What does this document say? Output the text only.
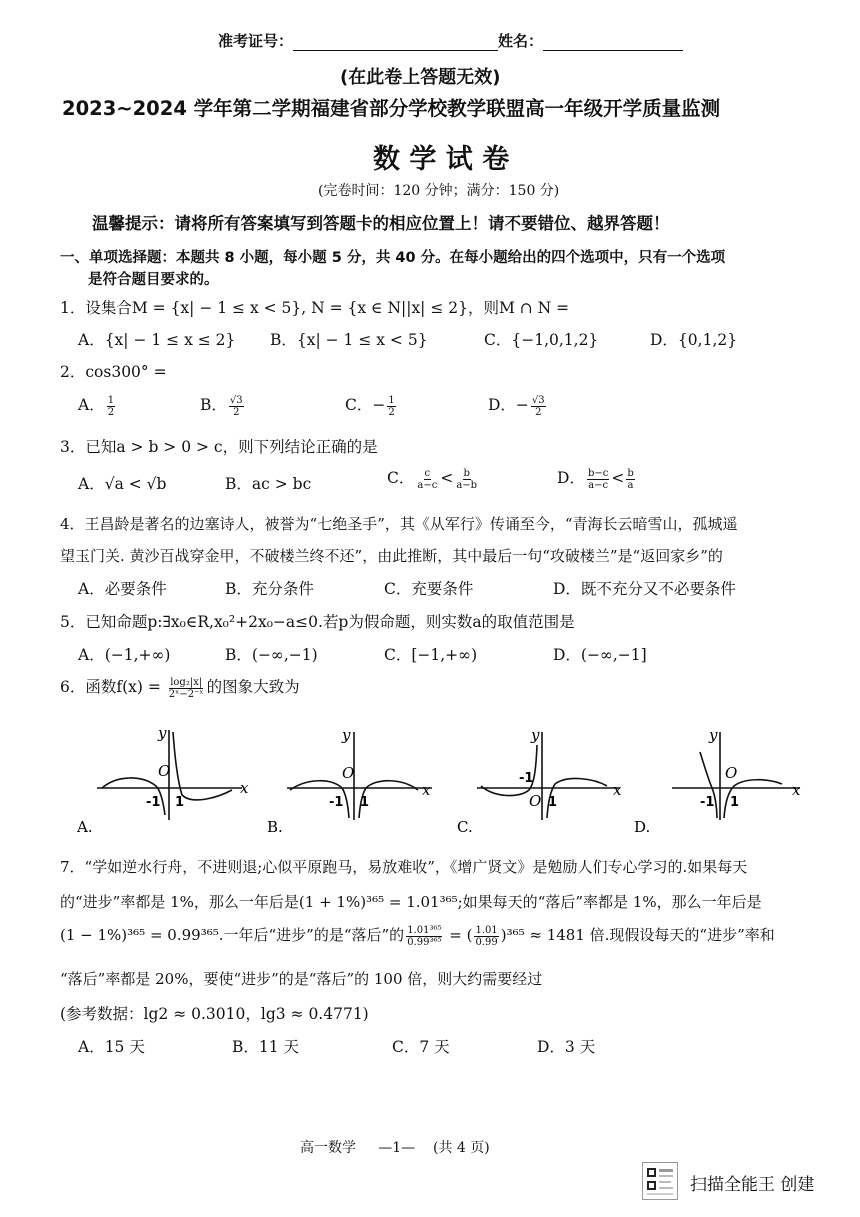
准考证号：	姓名：
(在此卷上答题无效)
2023~2024 学年第二学期福建省部分学校教学联盟高一年级开学质量监测
数 学 试 卷
(完卷时间：120 分钟；满分：150 分)
温馨提示：请将所有答案填写到答题卡的相应位置上！请不要错位、越界答题！
一、单项选择题：本题共 8 小题，每小题 5 分，共 40 分。在每小题给出的四个选项中，只有一个选项
是符合题目要求的。
1．设集合M = {x| − 1 ≤ x < 5}, N = {x ∈ N||x| ≤ 2}，则M ∩ N =
A．{x| − 1 ≤ x ≤ 2} B．{x| − 1 ≤ x < 5}	C．{−1,0,1,2}	D．{0,1,2}
2．cos300° =
A． $\frac{1}{2}$	B． $\frac{√3}{2}$	C．− $\frac{1}{2}$	D．− $\frac{√3}{2}$
3．已知a > b > 0 > c，则下列结论正确的是
A．√a < √b	B．ac > bc	C． $\frac{c}{a-c} < \frac{b}{a-b}$	D． $\frac{b-c}{a-c} < \frac{b}{a}$
4．王昌龄是著名的边塞诗人，被誉为“七绝圣手”，其《从军行》传诵至今，“青海长云暗雪山，孤城遥
望玉门关. 黄沙百战穿金甲，不破楼兰终不还”，由此推断，其中最后一句“攻破楼兰”是“返回家乡”的
A．必要条件	B．充分条件	C．充要条件	D．既不充分又不必要条件
5．已知命题p:∃x₀∈R,x₀²+2x₀−a≤0.若p为假命题，则实数a的取值范围是
A．(−1,+∞)	B．(−∞,−1)	C．[−1,+∞)	D．(−∞,−1]
6．函数$f(x) = \frac{\text{log₂|x|}}{\text{2ˣ−2⁻ˣ}}$ 的图象大致为
y
x
O
-1 1
A.
y
x
O
-1 1
B.
y
x
O
-1
1
C.
y
x
O
-1 1
D.
7．“学如逆水行舟，不进则退;心似平原跑马，易放难收”，《增广贤文》是勉励人们专心学习的.如果每天
的“进步”率都是 1%，那么一年后是(1 + 1%)³⁶⁵ = 1.01³⁶⁵;如果每天的“落后”率都是 1%，那么一年后是
(1 − 1%)³⁶⁵ = 0.99³⁶⁵.一年后“进步”的是“落后”的 $\frac{\text{1.01³⁶⁵}}{\text{0.99³⁶⁵}}$ = ( $\frac{1.01}{0.99} )^{365} \approx 1481$ 倍.现假设每天的“进步”率和
“落后”率都是 20%，要使“进步”的是“落后”的 100 倍，则大约需要经过
(参考数据：lg2 ≈ 0.3010，lg3 ≈ 0.4771)
A．15 天	B．11 天	C．7 天	D．3 天
高一数学 —1— (共 4 页)
扫描全能王 创建
